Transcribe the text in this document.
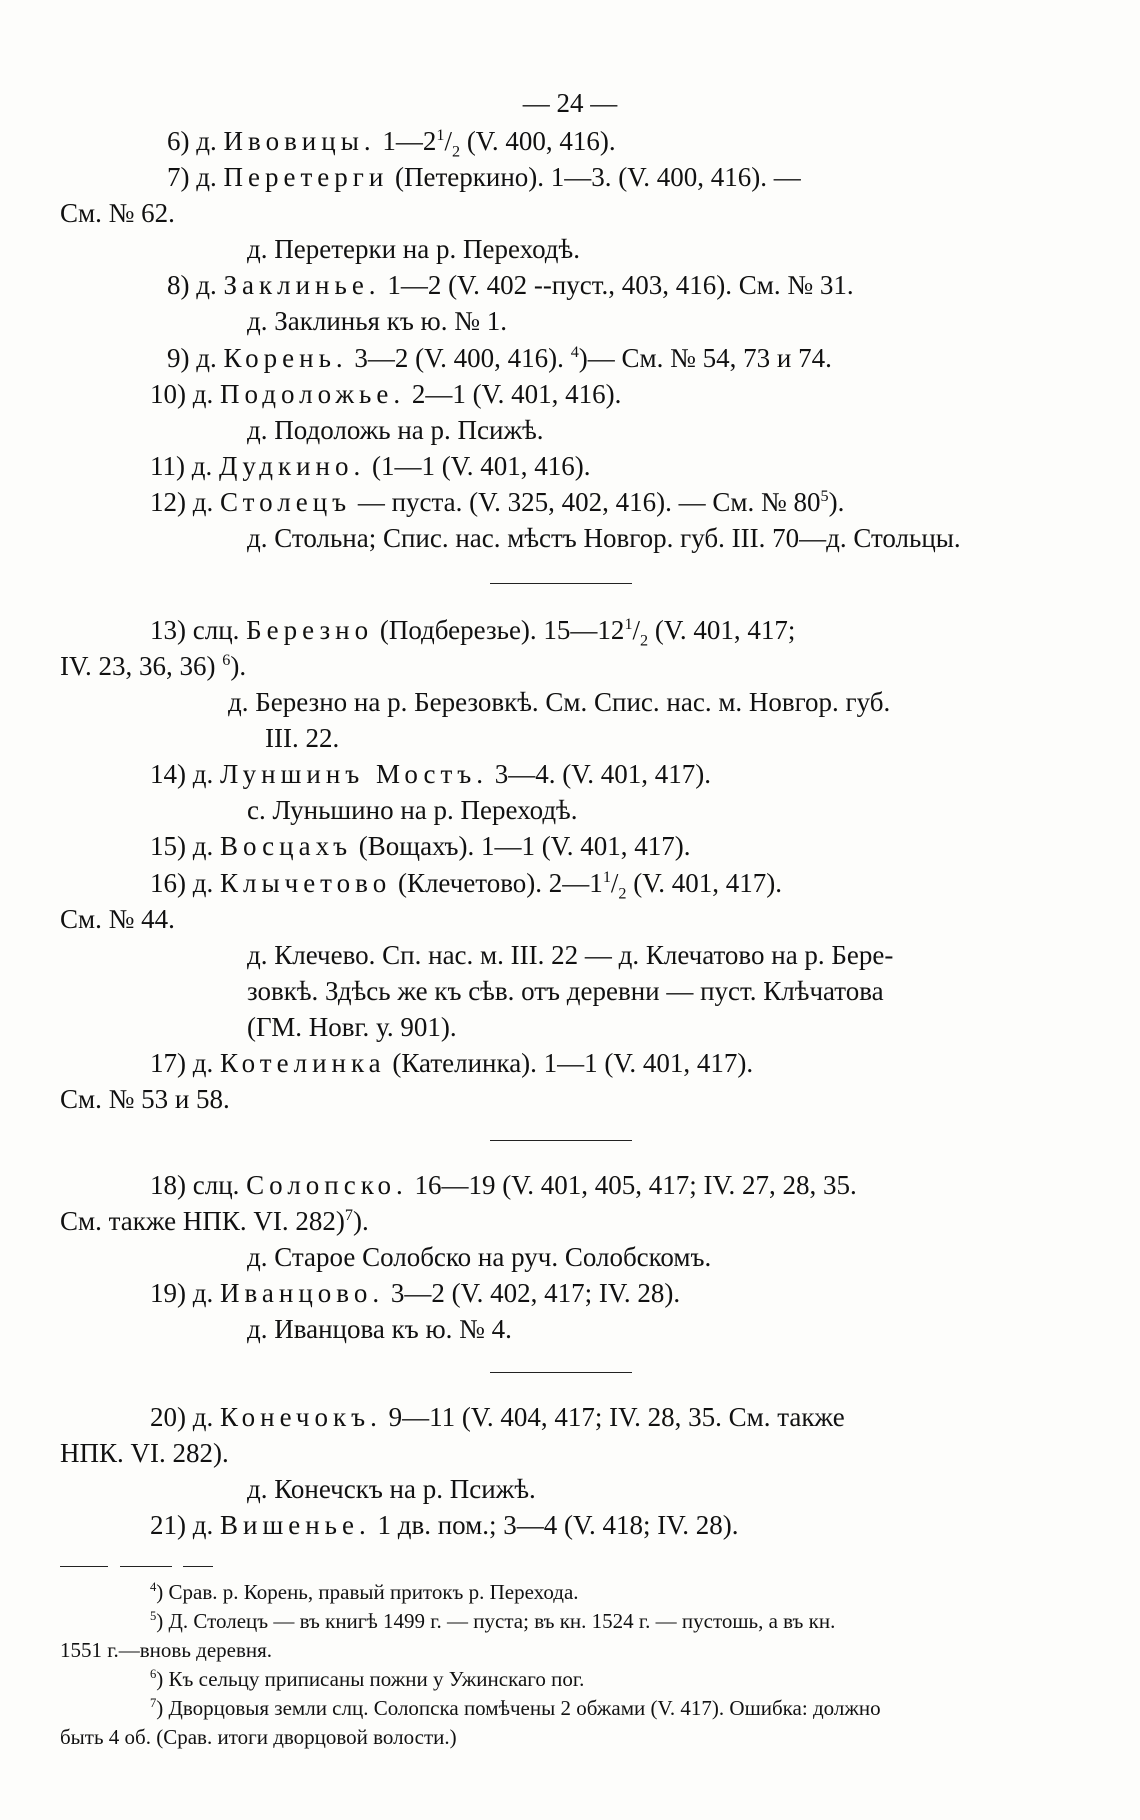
— 24 —
6) д. Ивовицы. $1—2^1/_2$ (V. 400, 416).
7) д. Перетерги (Петеркино). 1—3. (V. 400, 416). —
См. № 62.
д. Перетерки на р. Переходѣ.
8) д. Заклинье. 1—2 (V. 402 --пуст., 403, 416). См. № 31.
д. Заклинья къ ю. № 1.
9) д. Корень. 3—2 (V. 400, 416). $^4$)— См. № 54, 73 и 74.
10) д. Подоложье. 2—1 (V. 401, 416).
д. Подоложь на р. Псижѣ.
11) д. Дудкино. (1—1 (V. 401, 416).
12) д. Столецъ — пуста. (V. 325, 402, 416). — См. № $80^5$).
д. Стольна; Спис. нас. мѣстъ Новгор. губ. III. 70—д. Стольцы.
13) слц. Березно (Подберезье). $15—12^1/_2$ (V. 401, 417;
IV. 23, 36, 36) $^6$).
д. Березно на р. Березовкѣ. См. Спис. нас. м. Новгор. губ.
III. 22.
14) д. Луншинъ Мостъ. 3—4. (V. 401, 417).
с. Луньшино на р. Переходѣ.
15) д. Восцахъ (Вощахъ). 1—1 (V. 401, 417).
16) д. Клычетово (Клечетово). $2—1^1/_2$ (V. 401, 417).
См. № 44.
д. Клечево. Сп. нас. м. III. 22 — д. Клечатово на р. Бере-
зовкѣ. Здѣсь же къ сѣв. отъ деревни — пуст. Клѣчатова
(ГМ. Новг. у. 901).
17) д. Котелинка (Кателинка). 1—1 (V. 401, 417).
См. № 53 и 58.
18) слц. Солопско. 16—19 (V. 401, 405, 417; IV. 27, 28, 35.
См. также НПК. VI. 282)$^7$).
д. Старое Солобско на руч. Солобскомъ.
19) д. Иванцово. 3—2 (V. 402, 417; IV. 28).
д. Иванцова къ ю. № 4.
20) д. Конечокъ. 9—11 (V. 404, 417; IV. 28, 35. См. также
НПК. VI. 282).
д. Конечскъ на р. Псижѣ.
21) д. Вишенье. 1 дв. пом.; 3—4 (V. 418; IV. 28).
$^4$) Срав. р. Корень, правый притокъ р. Перехода.
$^5$) Д. Столецъ — въ книгѣ 1499 г. — пуста; въ кн. 1524 г. — пустошь, а въ кн.
1551 г.—вновь деревня.
$^6$) Къ сельцу приписаны пожни у Ужинскаго пог.
$^7$) Дворцовыя земли слц. Солопска помѣчены 2 обжами (V. 417). Ошибка: должно
быть 4 об. (Срав. итоги дворцовой волости.)
